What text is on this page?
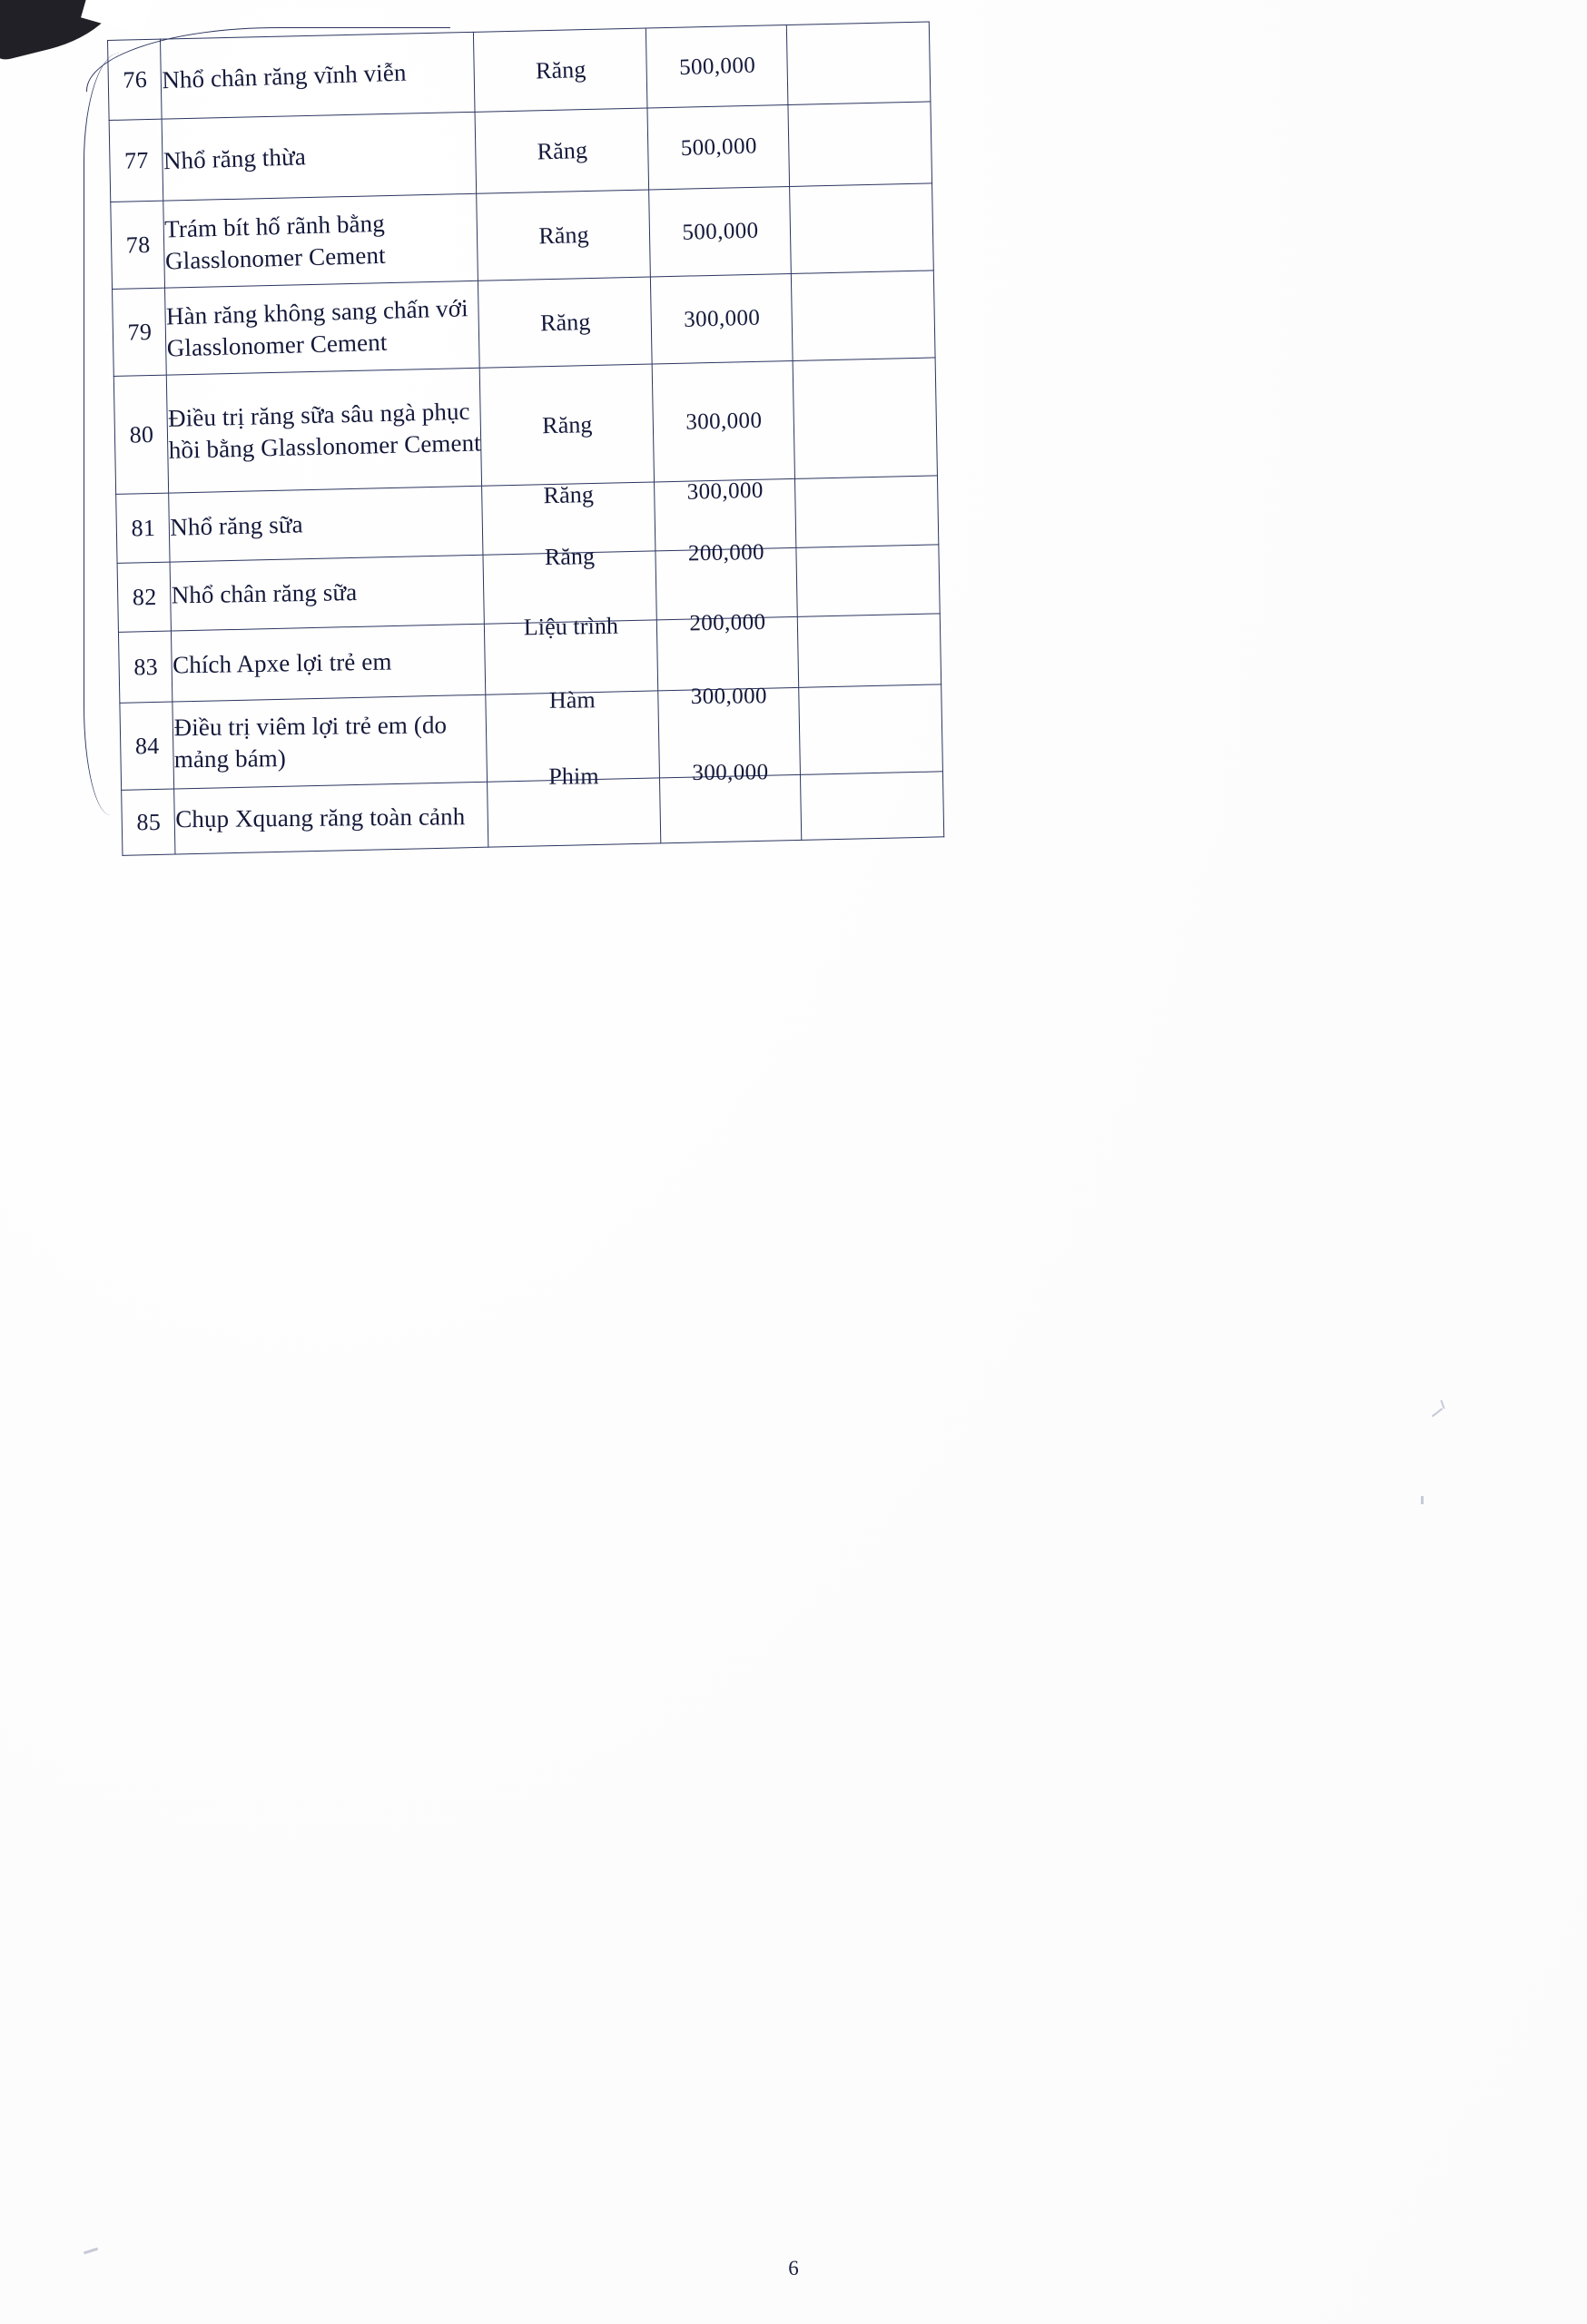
76	Nhổ chân răng vĩnh viễn	Răng	500,000	
77	Nhổ răng thừa	Răng	500,000	
78	Trám bít hố rãnh bằng Glasslonomer Cement	Răng	500,000	
79	Hàn răng không sang chấn với Glasslonomer Cement	Răng	300,000	
80	Điều trị răng sữa sâu ngà phục hồi bằng Glasslonomer Cement	Răng	300,000	
81	Nhổ răng sữa	Răng	300,000	
82	Nhổ chân răng sữa	Răng	200,000	
83	Chích Apxe lợi trẻ em	Liệu trình	200,000	
84	Điều trị viêm lợi trẻ em (do mảng bám)	Hàm	300,000	
85	Chụp Xquang răng toàn cảnh	Phim	300,000	
6
